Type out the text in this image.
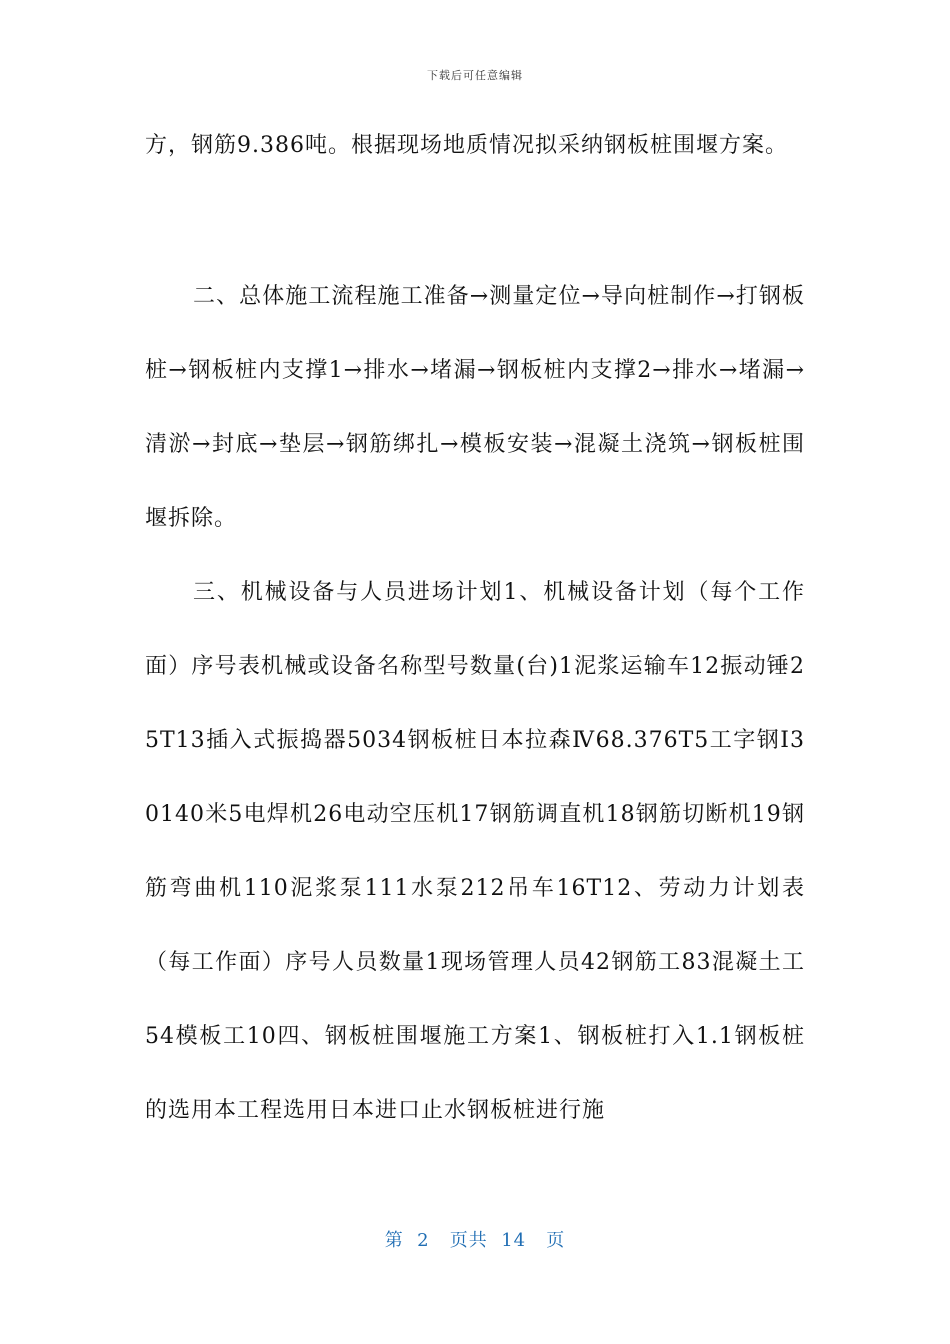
下载后可任意编辑

方，钢筋9.386吨。根据现场地质情况拟采纳钢板桩围堰方案。

二、总体施工流程施工准备→测量定位→导向桩制作→打钢板桩→钢板桩内支撑1→排水→堵漏→钢板桩内支撑2→排水→堵漏→清淤→封底→垫层→钢筋绑扎→模板安装→混凝土浇筑→钢板桩围堰拆除。

三、机械设备与人员进场计划1、机械设备计划（每个工作面）序号表机械或设备名称型号数量(台)1泥浆运输车12振动锤25T13插入式振捣器5034钢板桩日本拉森Ⅳ68.376T5工字钢I30140米5电焊机26电动空压机17钢筋调直机18钢筋切断机19钢筋弯曲机110泥浆泵111水泵212吊车16T12、劳动力计划表（每工作面）序号人员数量1现场管理人员42钢筋工83混凝土工54模板工10四、钢板桩围堰施工方案1、钢板桩打入1.1钢板桩的选用本工程选用日本进口止水钢板桩进行施

第  2   页共  14   页
